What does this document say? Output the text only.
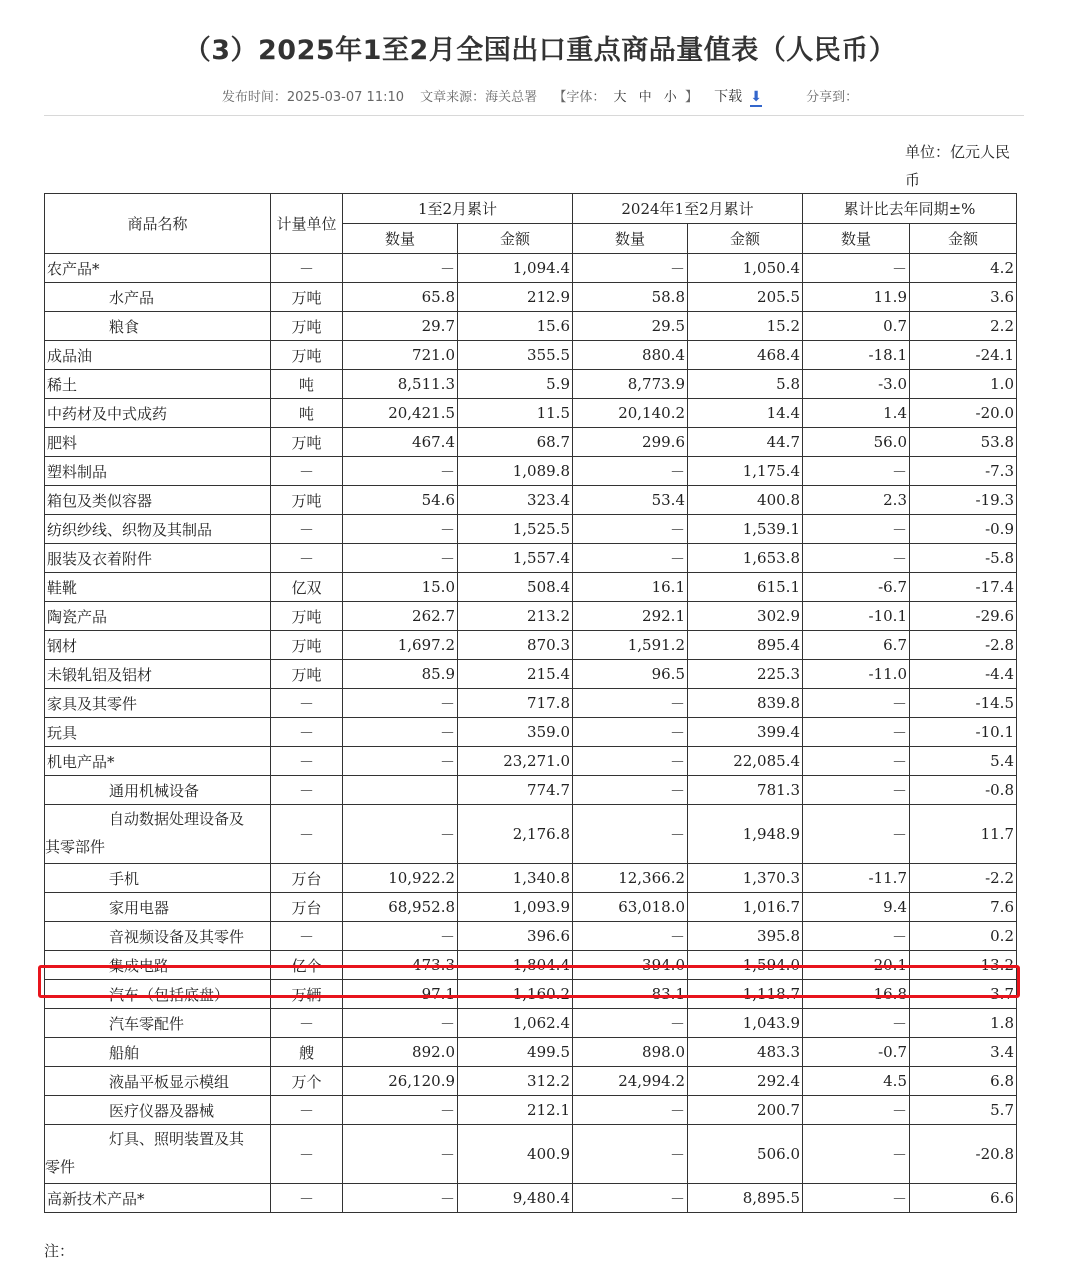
（3）2025年1至2月全国出口重点商品量值表（人民币）
发布时间：2025-03-07 11:10 文章来源：海关总署 【字体： 大 中 小 】 下载 ⬇	分享到：
单位：亿元人民币
商品名称	计量单位	1至2月累计		2024年1至2月累计		累计比去年同期±%	
		数量	金额	数量	金额	数量	金额
农产品*	－	－	1,094.4	－	1,050.4	－	4.2
水产品	万吨	65.8	212.9	58.8	205.5	11.9	3.6
粮食	万吨	29.7	15.6	29.5	15.2	0.7	2.2
成品油	万吨	721.0	355.5	880.4	468.4	-18.1	-24.1
稀土	吨	8,511.3	5.9	8,773.9	5.8	-3.0	1.0
中药材及中式成药	吨	20,421.5	11.5	20,140.2	14.4	1.4	-20.0
肥料	万吨	467.4	68.7	299.6	44.7	56.0	53.8
塑料制品	－	－	1,089.8	－	1,175.4	－	-7.3
箱包及类似容器	万吨	54.6	323.4	53.4	400.8	2.3	-19.3
纺织纱线、织物及其制品	－	－	1,525.5	－	1,539.1	－	-0.9
服装及衣着附件	－	－	1,557.4	－	1,653.8	－	-5.8
鞋靴	亿双	15.0	508.4	16.1	615.1	-6.7	-17.4
陶瓷产品	万吨	262.7	213.2	292.1	302.9	-10.1	-29.6
钢材	万吨	1,697.2	870.3	1,591.2	895.4	6.7	-2.8
未锻轧铝及铝材	万吨	85.9	215.4	96.5	225.3	-11.0	-4.4
家具及其零件	－	－	717.8	－	839.8	－	-14.5
玩具	－	－	359.0	－	399.4	－	-10.1
机电产品*	－	－	23,271.0	－	22,085.4	－	5.4
通用机械设备	－		774.7	－	781.3	－	-0.8

自动数据处理设备及
其零部件	－	－	2,176.8	－	1,948.9	－	11.7
手机	万台	10,922.2	1,340.8	12,366.2	1,370.3	-11.7	-2.2
家用电器	万台	68,952.8	1,093.9	63,018.0	1,016.7	9.4	7.6
音视频设备及其零件	－	－	396.6	－	395.8	－	0.2
集成电路	亿个	473.3	1,804.4	394.0	1,594.0	20.1	13.2
汽车（包括底盘）	万辆	97.1	1,160.2	83.1	1,118.7	16.8	3.7
汽车零配件	－	－	1,062.4	－	1,043.9	－	1.8
船舶	艘	892.0	499.5	898.0	483.3	-0.7	3.4
液晶平板显示模组	万个	26,120.9	312.2	24,994.2	292.4	4.5	6.8
医疗仪器及器械	－	－	212.1	－	200.7	－	5.7

灯具、照明装置及其
零件	－	－	400.9	－	506.0	－	-20.8
高新技术产品*	－	－	9,480.4	－	8,895.5	－	6.6
注：
